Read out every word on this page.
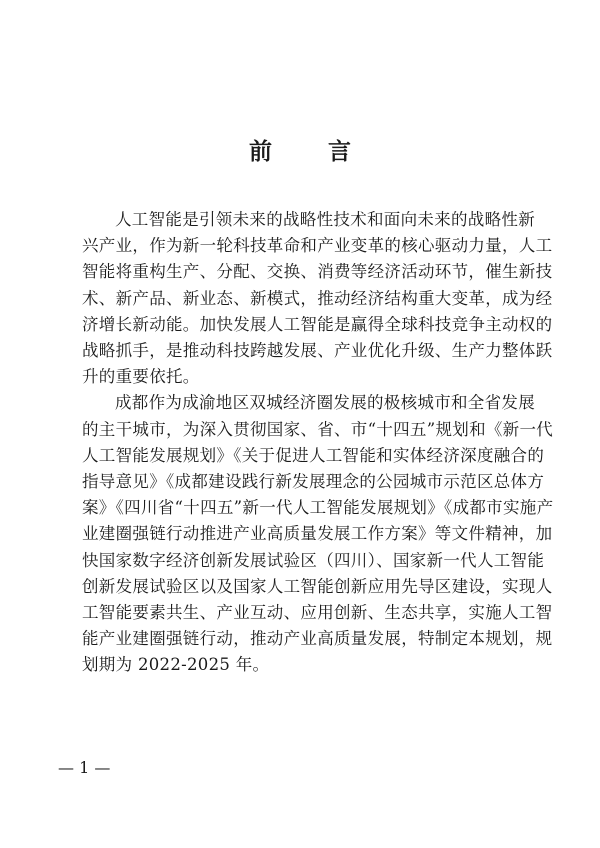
前 言

人工智能是引领未来的战略性技术和面向未来的战略性新
兴产业，作为新一轮科技革命和产业变革的核心驱动力量，人工
智能将重构生产、分配、交换、消费等经济活动环节，催生新技
术、新产品、新业态、新模式，推动经济结构重大变革，成为经
济增长新动能。加快发展人工智能是赢得全球科技竞争主动权的
战略抓手，是推动科技跨越发展、产业优化升级、生产力整体跃
升的重要依托。

成都作为成渝地区双城经济圈发展的极核城市和全省发展
的主干城市，为深入贯彻国家、省、市“十四五”规划和《新一代
人工智能发展规划》《关于促进人工智能和实体经济深度融合的
指导意见》《成都建设践行新发展理念的公园城市示范区总体方
案》《四川省“十四五”新一代人工智能发展规划》《成都市实施产
业建圈强链行动推进产业高质量发展工作方案》等文件精神，加
快国家数字经济创新发展试验区（四川）、国家新一代人工智能
创新发展试验区以及国家人工智能创新应用先导区建设，实现人
工智能要素共生、产业互动、应用创新、生态共享，实施人工智
能产业建圈强链行动，推动产业高质量发展，特制定本规划，规
划期为 2022-2025 年。

— 1 —
